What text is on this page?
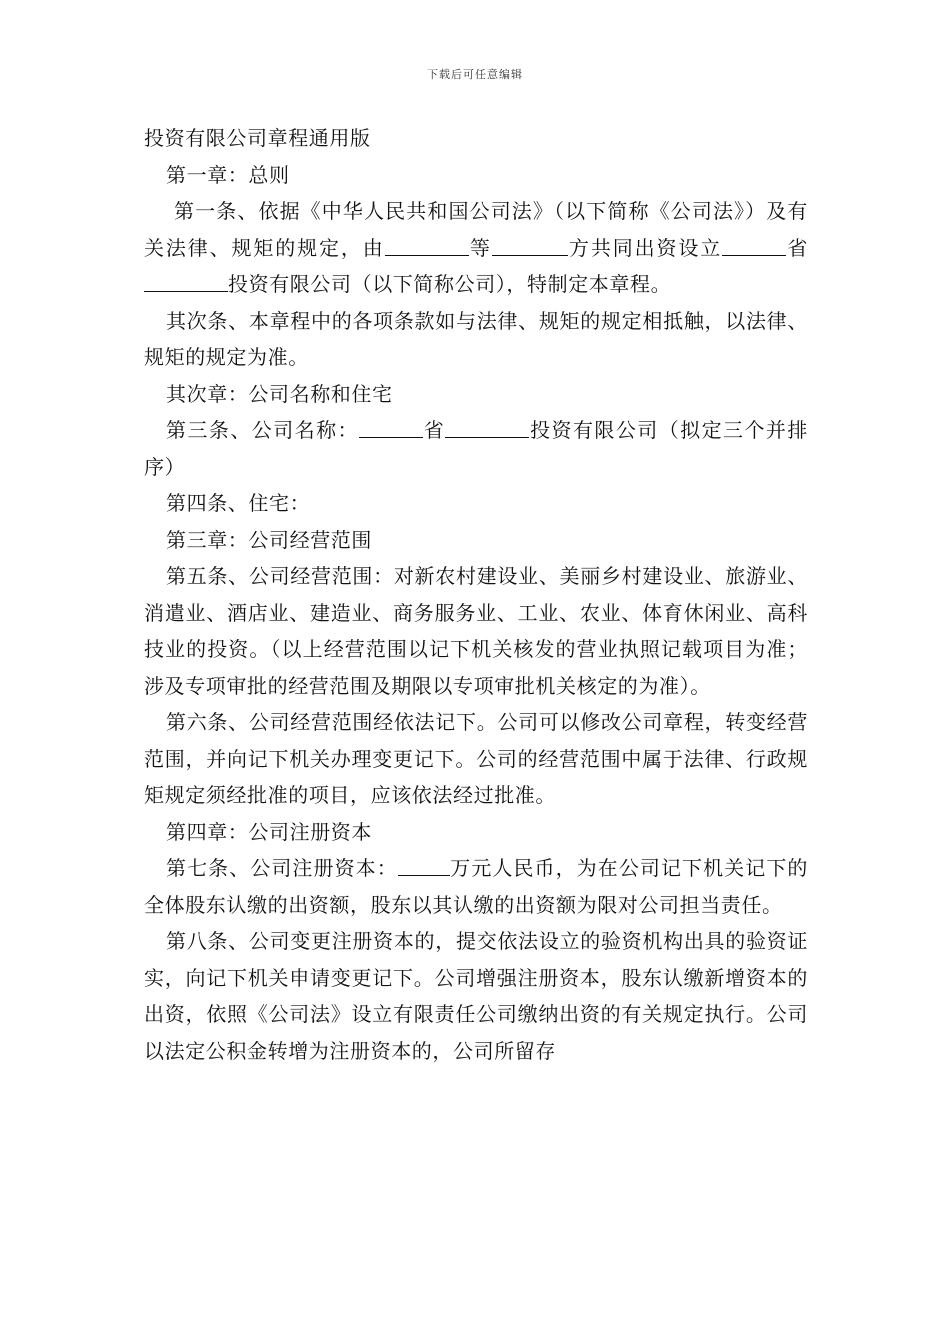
下载后可任意编辑

投资有限公司章程通用版

第一章：总则

第一条、依据《中华人民共和国公司法》（以下简称《公司法》）及有关法律、规矩的规定，由	等	方共同出资设立	省投资有限公司（以下简称公司），特制定本章程。

其次条、本章程中的各项条款如与法律、规矩的规定相抵触，以法律、规矩的规定为准。

其次章：公司名称和住宅

第三条、公司名称：	省	投资有限公司（拟定三个并排序）

第四条、住宅：

第三章：公司经营范围

第五条、公司经营范围：对新农村建设业、美丽乡村建设业、旅游业、消遣业、酒店业、建造业、商务服务业、工业、农业、体育休闲业、高科技业的投资。（以上经营范围以记下机关核发的营业执照记载项目为准；涉及专项审批的经营范围及期限以专项审批机关核定的为准）。

第六条、公司经营范围经依法记下。公司可以修改公司章程，转变经营范围，并向记下机关办理变更记下。公司的经营范围中属于法律、行政规矩规定须经批准的项目，应该依法经过批准。

第四章：公司注册资本

第七条、公司注册资本：	万元人民币，为在公司记下机关记下的全体股东认缴的出资额，股东以其认缴的出资额为限对公司担当责任。

第八条、公司变更注册资本的，提交依法设立的验资机构出具的验资证实，向记下机关申请变更记下。公司增强注册资本，股东认缴新增资本的出资，依照《公司法》设立有限责任公司缴纳出资的有关规定执行。公司以法定公积金转增为注册资本的，公司所留存
